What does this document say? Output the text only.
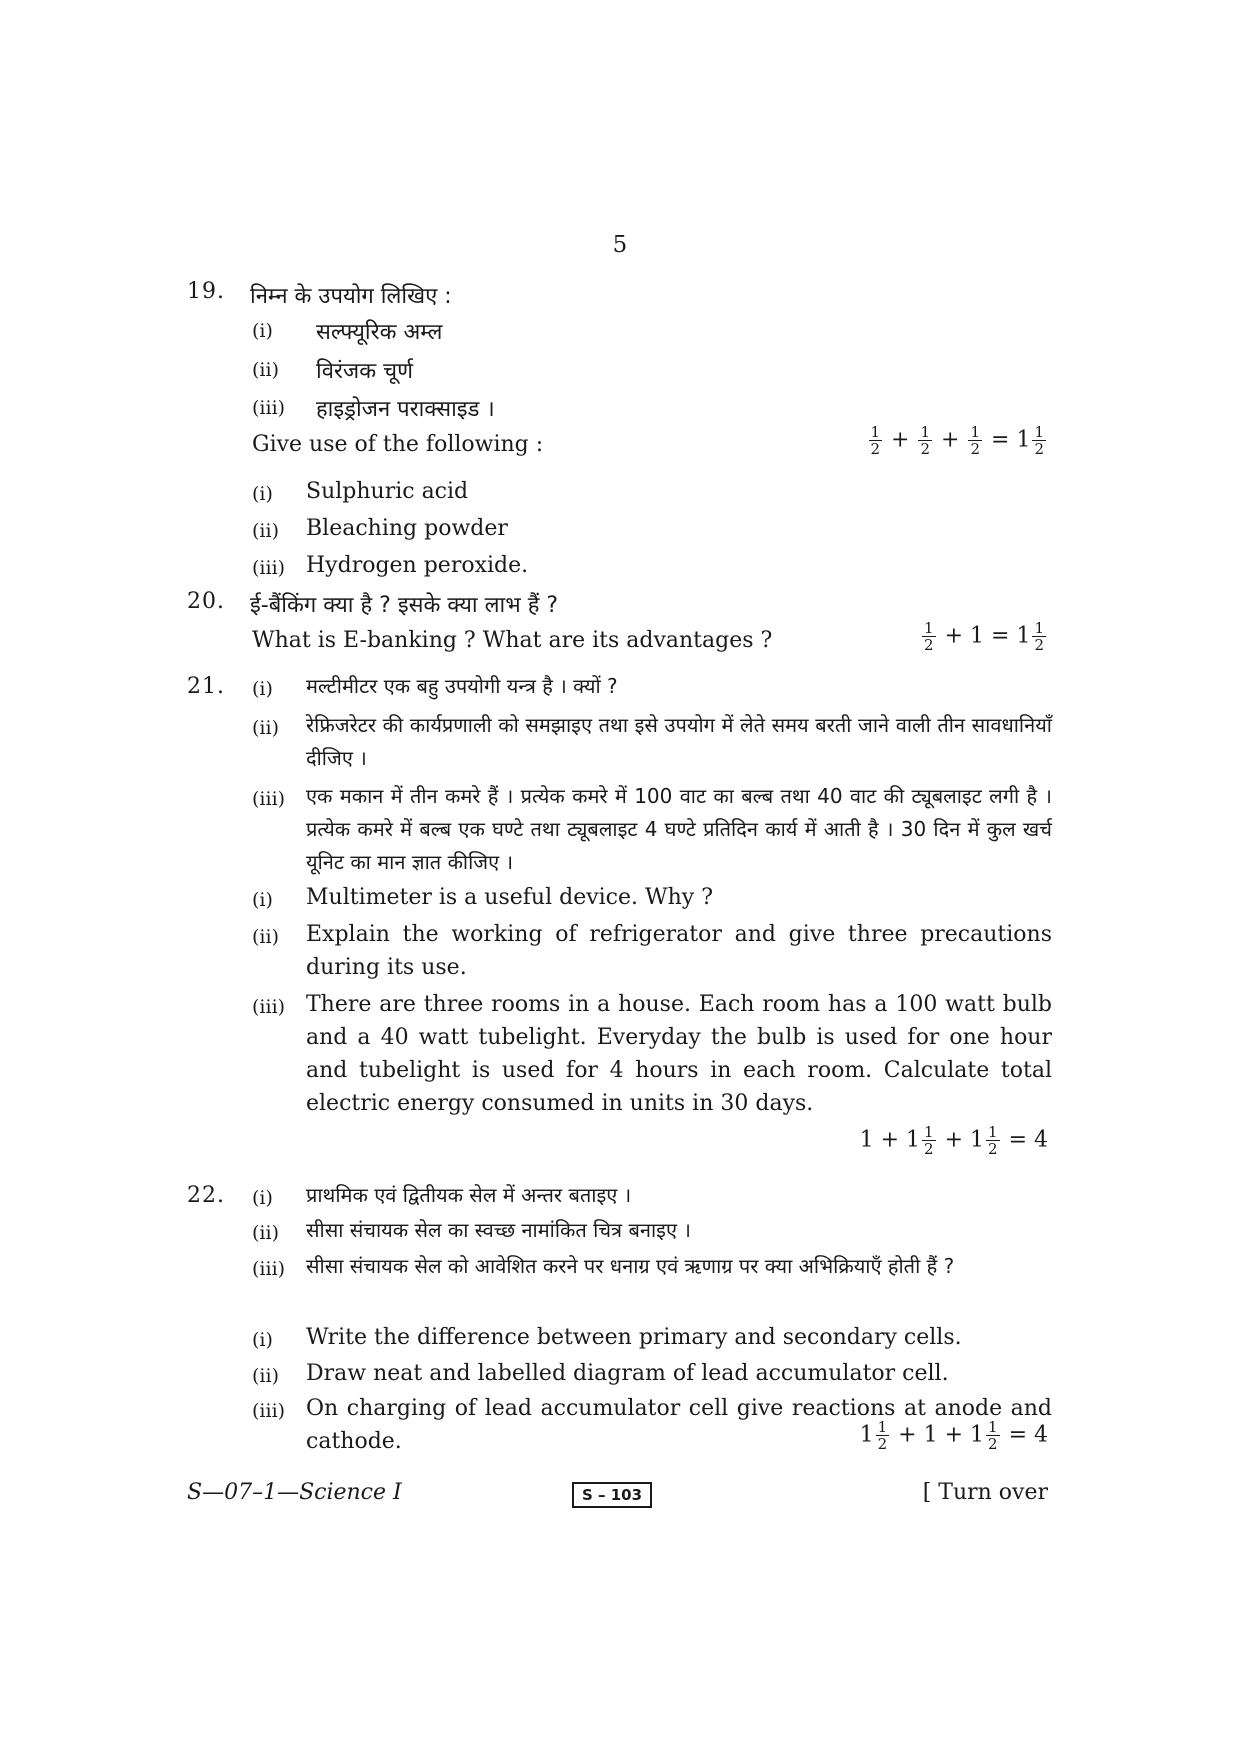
5
19. निम्न के उपयोग लिखिए :
(i) सल्फ्यूरिक अम्ल
(ii) विरंजक चूर्ण
(iii) हाइड्रोजन पराक्साइड ।
Give use of the following :	$\frac{1}{2} + \frac{1}{2} + \frac{1}{2} = 1 \frac{1}{2}$
(i) Sulphuric acid
(ii) Bleaching powder
(iii) Hydrogen peroxide.
20. ई-बैंकिंग क्या है ? इसके क्या लाभ हैं ?
What is E-banking ? What are its advantages ?	$\frac{1}{2} + 1 = 1 \frac{1}{2}$
21. (i) मल्टीमीटर एक बहु उपयोगी यन्त्र है । क्यों ?
(ii) रेफ्रिजरेटर की कार्यप्रणाली को समझाइए तथा इसे उपयोग में लेते समय बरती जाने वाली तीन सावधानियाँ दीजिए ।
(iii) एक मकान में तीन कमरे हैं । प्रत्येक कमरे में 100 वाट का बल्ब तथा 40 वाट की ट्यूबलाइट लगी है । प्रत्येक कमरे में बल्ब एक घण्टे तथा ट्यूबलाइट 4 घण्टे प्रतिदिन कार्य में आती है । 30 दिन में कुल खर्च यूनिट का मान ज्ञात कीजिए ।
(i) Multimeter is a useful device. Why ?
(ii) Explain the working of refrigerator and give three precautions during its use.
(iii) There are three rooms in a house. Each room has a 100 watt bulb and a 40 watt tubelight. Everyday the bulb is used for one hour and tubelight is used for 4 hours in each room. Calculate total electric energy consumed in units in 30 days.
$1 + 1 \frac{1}{2} + 1 \frac{1}{2} = 4$
22. (i) प्राथमिक एवं द्वितीयक सेल में अन्तर बताइए ।
(ii) सीसा संचायक सेल का स्वच्छ नामांकित चित्र बनाइए ।
(iii) सीसा संचायक सेल को आवेशित करने पर धनाग्र एवं ऋणाग्र पर क्या अभिक्रियाएँ होती हैं ?
(i) Write the difference between primary and secondary cells.
(ii) Draw neat and labelled diagram of lead accumulator cell.
(iii) On charging of lead accumulator cell give reactions at anode and cathode.	$1 \frac{1}{2} + 1 + 1 \frac{1}{2} = 4$
S—07–1—Science I	S – 103	[ Turn over
